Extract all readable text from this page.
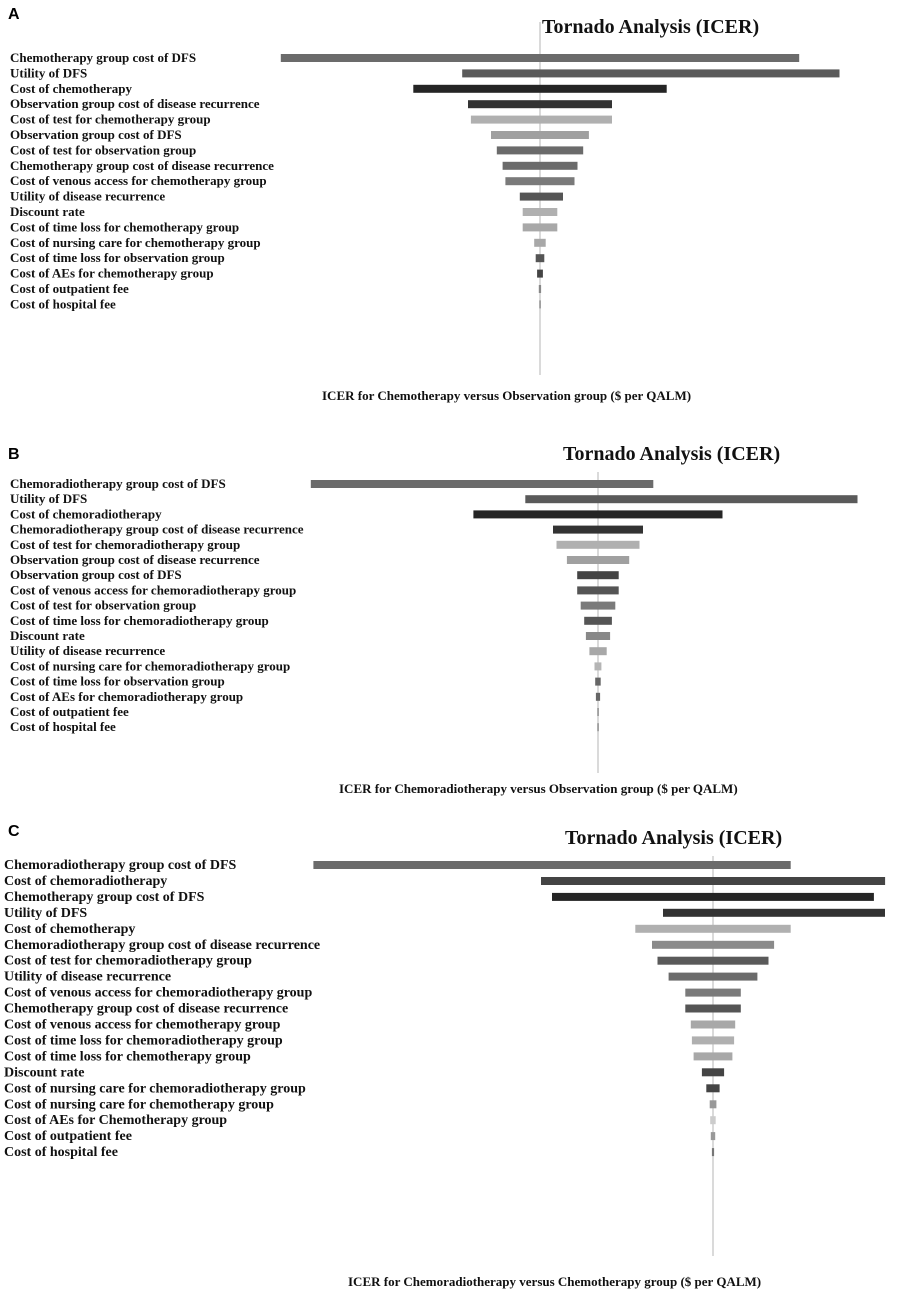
A
Tornado Analysis (ICER)
Chemotherapy group cost of DFS
Utility of DFS
Cost of chemotherapy
Observation group cost of disease recurrence
Cost of test for chemotherapy group
Observation group cost of DFS
Cost of test for observation group
Chemotherapy group cost of disease recurrence
Cost of venous access for chemotherapy group
Utility of disease recurrence
Discount rate
Cost of time loss for chemotherapy group
Cost of nursing care for chemotherapy group
Cost of time loss for observation group
Cost of AEs for chemotherapy group
Cost of outpatient fee
Cost of hospital fee
ICER for Chemotherapy versus Observation group ($ per QALM)
B	Tornado Analysis (ICER)
Chemoradiotherapy group cost of DFS
Utility of DFS
Cost of chemoradiotherapy
Chemoradiotherapy group cost of disease recurrence
Cost of test for chemoradiotherapy group
Observation group cost of disease recurrence
Observation group cost of DFS
Cost of venous access for chemoradiotherapy group
Cost of test for observation group
Cost of time loss for chemoradiotherapy group
Discount rate
Utility of disease recurrence
Cost of nursing care for chemoradiotherapy group
Cost of time loss for observation group
Cost of AEs for chemoradiotherapy group
Cost of outpatient fee
Cost of hospital fee
ICER for Chemoradiotherapy versus Observation group ($ per QALM)
C	Tornado Analysis (ICER)
Chemoradiotherapy group cost of DFS
Cost of chemoradiotherapy
Chemotherapy group cost of DFS
Utility of DFS
Cost of chemotherapy
Chemoradiotherapy group cost of disease recurrence
Cost of test for chemoradiotherapy group
Utility of disease recurrence
Cost of venous access for chemoradiotherapy group
Chemotherapy group cost of disease recurrence
Cost of venous access for chemotherapy group
Cost of time loss for chemoradiotherapy group
Cost of time loss for chemotherapy group
Discount rate
Cost of nursing care for chemoradiotherapy group
Cost of nursing care for chemotherapy group
Cost of AEs for Chemotherapy group
Cost of outpatient fee
Cost of hospital fee
ICER for Chemoradiotherapy versus Chemotherapy group ($ per QALM)
